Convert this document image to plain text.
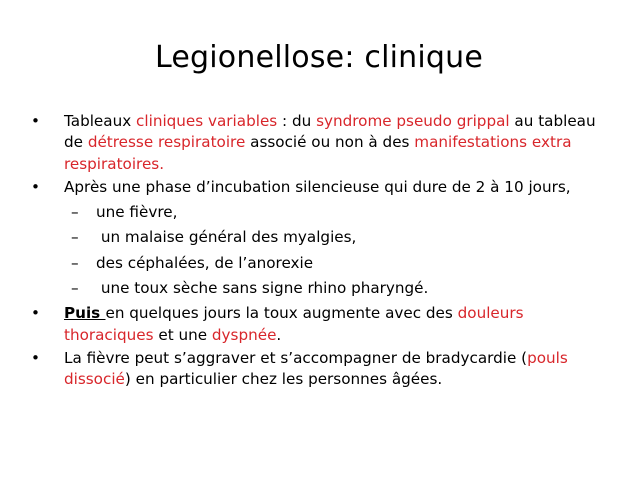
Legionellose: clinique

•	Tableaux cliniques variables : du syndrome pseudo grippal au tableau de détresse respiratoire associé ou non à des manifestations extra respiratoires.

•	Après une phase d’incubation silencieuse qui dure de 2 à 10 jours,

– une fièvre,

– un malaise général des myalgies,

– des céphalées, de l’anorexie

– une toux sèche sans signe rhino pharyngé.

•	Puis en quelques jours la toux augmente avec des douleurs thoraciques et une dyspnée.

•	La fièvre peut s’aggraver et s’accompagner de bradycardie (pouls dissocié) en particulier chez les personnes âgées.
